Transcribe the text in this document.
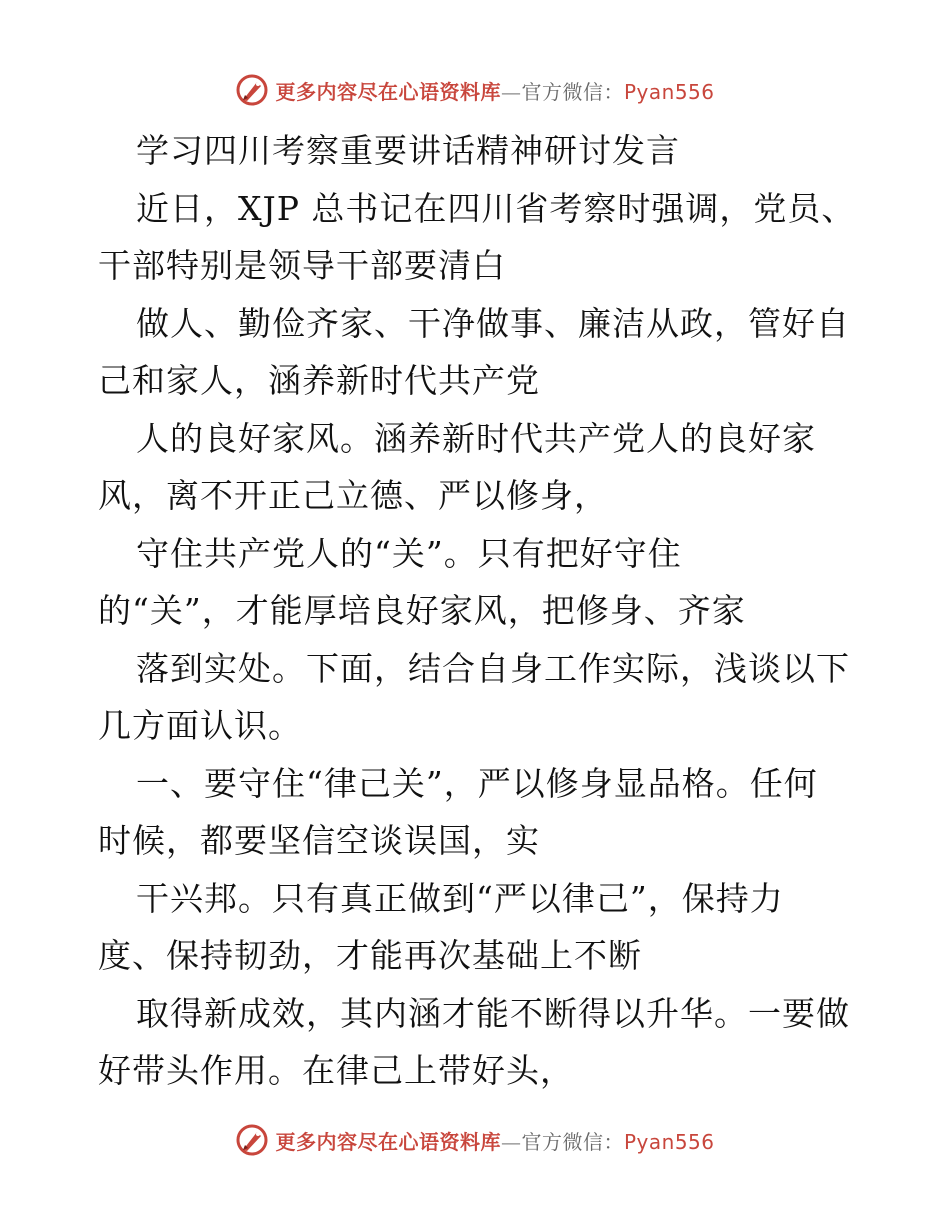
更多内容尽在心语资料库—官方微信：Pyan556
学习四川考察重要讲话精神研讨发言
近日，XJP 总书记在四川省考察时强调，党员、
干部特别是领导干部要清白
做人、勤俭齐家、干净做事、廉洁从政，管好自
己和家人，涵养新时代共产党
人的良好家风。涵养新时代共产党人的良好家
风，离不开正己立德、严以修身，
守住共产党人的“关”。只有把好守住
的“关”，才能厚培良好家风，把修身、齐家
落到实处。下面，结合自身工作实际，浅谈以下
几方面认识。
一、要守住“律己关”，严以修身显品格。任何
时候，都要坚信空谈误国，实
干兴邦。只有真正做到“严以律己”，保持力
度、保持韧劲，才能再次基础上不断
取得新成效，其内涵才能不断得以升华。一要做
好带头作用。在律己上带好头，
更多内容尽在心语资料库—官方微信：Pyan556
